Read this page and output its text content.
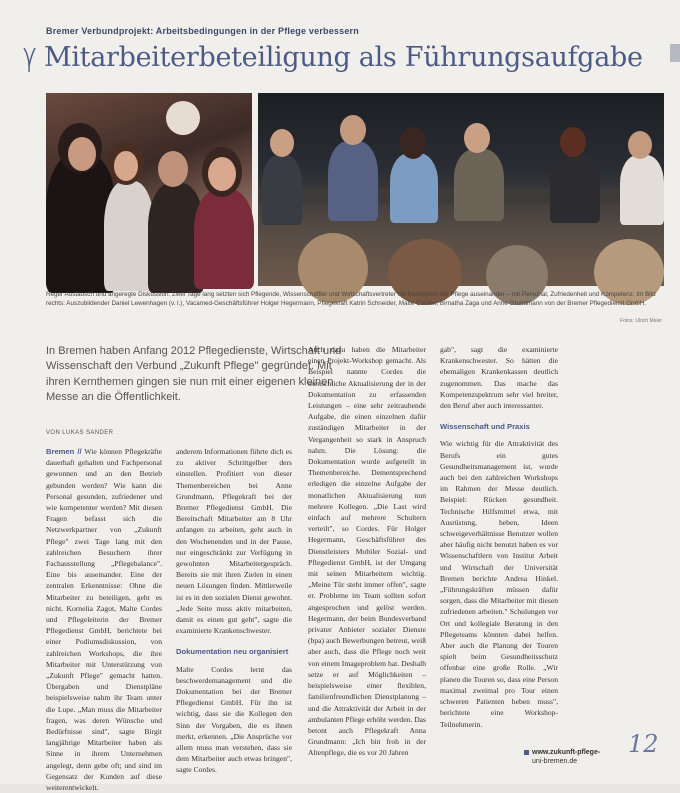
Bremer Verbundprojekt: Arbeitsbedingungen in der Pflege verbessern
Mitarbeiterbeteiligung als Führungsaufgabe
Reger Austausch und angeregte Diskussion: Zwei Tage lang setzten sich Pflegende, Wissenschaftler und Wirtschaftsvertreter mit Konzepten der Pflege auseinander – mit Personal, Zufriedenheit und Kompetenz. Im Bild rechts: Auszubildender Daniel Lewenhagen (v. l.), Vacamed-Geschäftsführer Holger Hegermann, Pflegekraft Katrin Schneider, Malte Cordes, Birnatha Zaga und Anne Grundmann von der Bremer Pflegedienst GmbH.
Fotos: Ulrich Meier
In Bremen haben Anfang 2012 Pflegedienste, Wirtschaft und Wissenschaft den Verbund „Zukunft Pflege" gegründet. Mit ihren Kernthemen gingen sie nun mit einer eigenen kleinen Messe an die Öffentlichkeit.
VON LUKAS SANDER

Bremen // Wie können Pflegekräfte dauerhaft gehalten und Fachpersonal gewonnen und an den Betrieb gebunden werden? Wie kann die Personal gesunden, zufriedener und wie kompetenter werden? Mit diesen Fragen befasst sich die Netzwerkpartner von „Zukunft Pflege" zwei Tage lang mit den zahlreichen Besuchern ihrer Fachausstellung „Pflegebalance". Eine bis auseinander. Eine der zentralen Erkenntnisse: Ohne die Mitarbeiter zu beteiligen, geht es nicht. Kornelia Zagot, Malte Cordes und Pflegeleiterin der Bremer Pflegedienst GmbH, berichtete bei einer Podiumsdiskussion, von zahlreichen Workshops, die ihre Mitarbeiter mit Unterstützung von „Zukunft Pflege" gemacht hatten. Übergaben und Dienstpläne beispielsweise nahm ihr Team unter die Lupe. „Man muss die Mitarbeiter fragen, was deren Wünsche und Bedürfnisse sind", sagte Birgit langjährige Mitarbeiter haben als Sinne in ihrem Unternehmen angelegt, denn gebe oft; und sind im Gegensatz der Kunden auf diese weiterentwickelt.

anderem Informationen führte dich es zu aktiver Schrittgelber ders einstellen. Profitiert von dieser Themenbereichen bei Anne Grundmann, Pflegekraft bei der Bremer Pflegedienst GmbH. Die Bereitschaft Mitarbeiter am 8 Uhr anfangen zu arbeiten, geht auch in den Wochenenden und in der Pause, nur eingeschränkt zur Verfügung in gewohnten Mitarbeitergespräch. Bereits sie mit ihren Zielen in einen neuen Lösungen finden. Mittlerweile ist es in den sozialen Dienst gewohnt. „Jede Seite muss aktiv mitarbeiten, damit es einen gut geht", sagte die examinierte Krankenschwester.

Dokumentation neu organisiert

Malte Cordes lernt das beschwerdemanagement und die Dokumentation bei der Bremer Pflegedienst GmbH. Für ihn ist wichtig, dass sie die Kollegen den Sinn der Vorgaben, die es ihnen merkt, erkennen. „Die Ansprüche vor allem muss man verstehen, dass sie dem Mitarbeiter auch etwas bringen", sagte Cordes.

Auch dazu haben die Mitarbeiter einen Projekt-Workshop gemacht. Als Beispiel nannte Cordes die menschliche Aktualisierung der in der Dokumentation zu erfassenden Leistungen – eine sehr zeitraubende Aufgabe, die einen einzelnen dafür zuständigen Mitarbeiter in der Vergangenheit so stark in Anspruch nahm. Die Lösung: die Dokumentation wurde aufgeteilt in Themenbereiche. Dementsprechend erledigen die einzelne Aufgabe der monatlichen Aktualisierung nun mehrere Kollegen. „Die Last wird einfach auf mehrere Schultern verteilt", so Cordes. Für Holger Hegermann, Geschäftsführer des Dienstleisters Mobiler Sozial- und Pflegedienst GmbH, ist der Umgang mit seinen Mitarbeitern wichtig. „Meine Tür steht immer offen", sagte er. Probleme im Team sollten sofort angesprochen und gelöst werden. Hegermann, der beim Bundesverband privater Anbieter sozialer Dienste (bpa) auch Bewerbungen betreut, weiß aber auch, dass die Pflege noch weit von einem Imageproblem hat. Deshalb setze er auf Möglichkeiten – beispielsweise einer flexiblen, familienfreundlichen Dienstplanung – und die Attraktivität der Arbeit in der ambulanten Pflege erhöht werden. Das betont auch Pflegekraft Anna Grundmann: „Ich bin froh in der Altenpflege, die es vor 20 Jahren

gab", sagt die examinierte Krankenschwester. So hätten die ehemaligen Krankenkassen deutlich zugenommen. Das mache das Kompetenzspektrum sehr viel breiter, den Beruf aber auch interessanter.

Wissenschaft und Praxis

Wie wichtig für die Attraktivität des Berufs ein gutes Gesundheitsmanagement ist, wurde auch bei den zahlreichen Workshops im Rahmen der Messe deutlich. Beispiel: Rücken gesundheit. Technische Hilfsmittel etwa, mit Ausrüstung, heben, Ideen schweigeverhältnisse Benutzer wollen aber häufig nicht benutzt haben es vor Wissenschaftlern von Institut Arbeit und Wirtschaft der Universität Bremen berichte Andrea Hinkel. „Führungskräften müssen dafür sorgen, dass die Mitarbeiter mit diesen zufriedenen arbeiten." Schulungen vor Ort und kollegiale Beratung in den Pflegeteams könnten dabei helfen. Aber auch die Planung der Touren spielt beim Gesundheitsschutz offenbar eine große Rolle. „Wir planen die Touren so, dass eine Person maximal zweimal pro Tour einen schweren Patienten heben muss", berichtete eine Workshop-Teilnehmerin.

www.zukunft-pflege-
uni-bremen.de
12
